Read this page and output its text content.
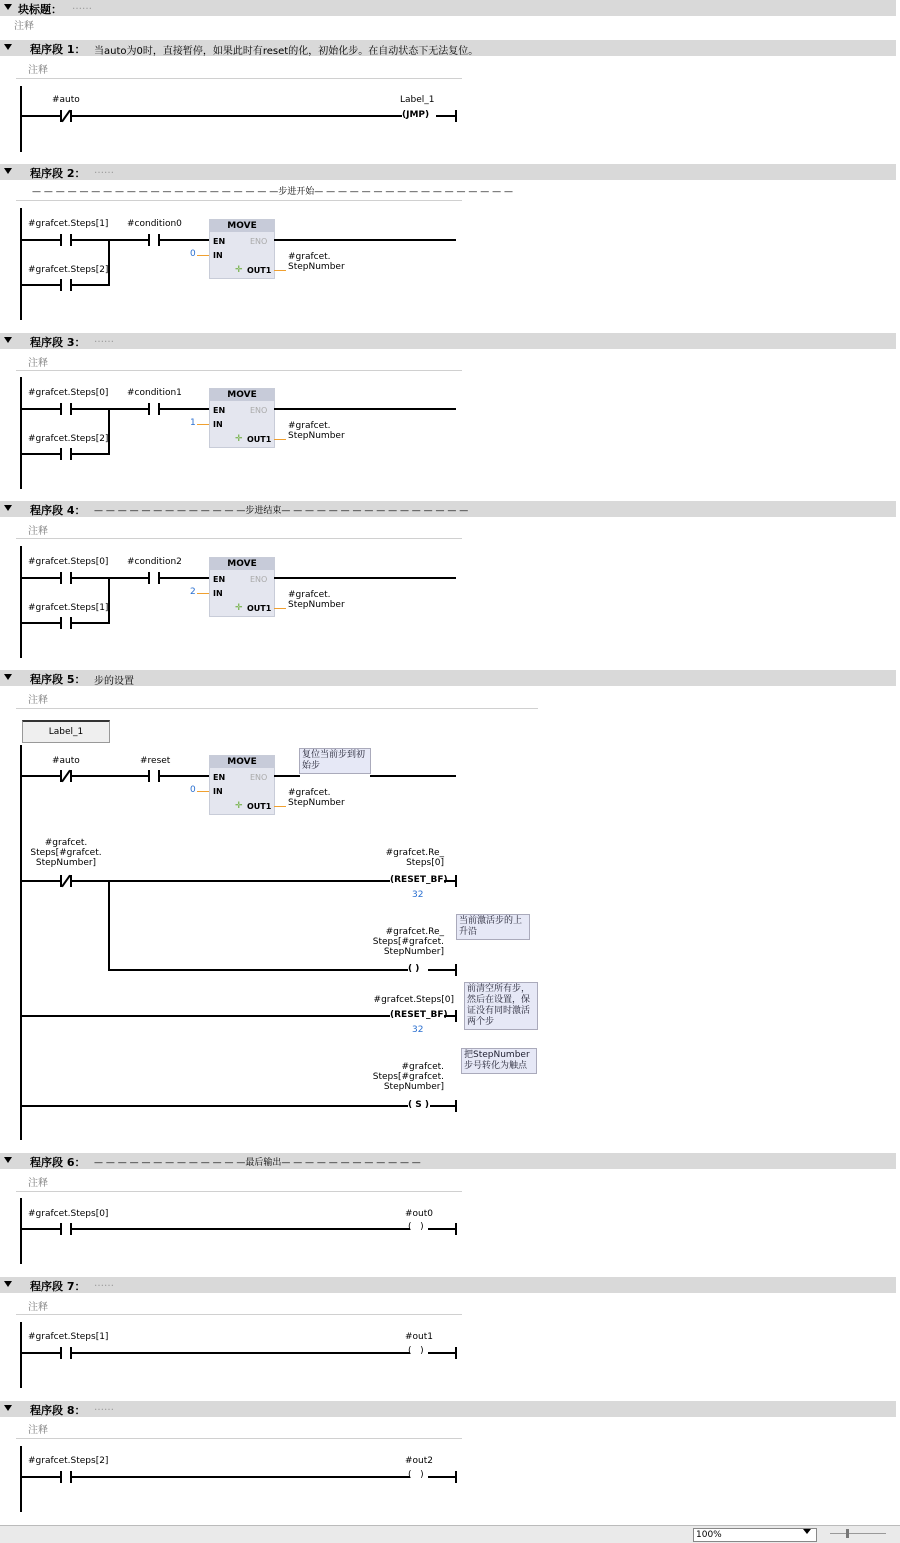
块标题： ……
注释
程序段 1： 当auto为0时，直接暂停，如果此时有reset的化，初始化步。在自动状态下无法复位。
注释
#auto
(JMP)
Label_1
程序段 2： ……
— — — — — — — — — — — — — — — — — — — — —步进开始— — — — — — — — — — — — — — — — —
#grafcet.Steps[1]
#grafcet.Steps[2]
#condition0	MOVE
EN	ENO
IN
OUT1
✛
0	#grafcet.
StepNumber
程序段 3： ……
注释
#grafcet.Steps[0]
#grafcet.Steps[2]
#condition1	MOVE
EN	ENO
IN
OUT1
✛
1	#grafcet.
StepNumber
程序段 4： — — — — — — — — — — — — —步进结束— — — — — — — — — — — — — — — —
注释
#grafcet.Steps[0]
#grafcet.Steps[1]
#condition2	MOVE
EN	ENO
IN
OUT1
✛
2	#grafcet.
StepNumber
程序段 5： 步的设置
注释
Label_1
#auto	#reset	MOVE
EN	ENO
IN
OUT1
✛
复位当前步到初始步
0	#grafcet.
StepNumber
#grafcet.
Steps[#grafcet.
StepNumber]
#grafcet.Re_
Steps[0]
(RESET_BF
32
#grafcet.Re_
Steps[#grafcet.
StepNumber]
( )
当前激活步的上升沿
#grafcet.Steps[0]
(RESET_BF
32
前清空所有步，然后在设置，保证没有同时激活两个步
#grafcet.
Steps[#grafcet.
StepNumber]
( S )
把StepNumber步号转化为触点
程序段 6： — — — — — — — — — — — — —最后输出— — — — — — — — — — — —
注释
#grafcet.Steps[0]	#out0
(   )
程序段 7： ……
注释
#grafcet.Steps[1]	#out1
(   )
程序段 8： ……
注释
#grafcet.Steps[2]	#out2
(   )
100%
